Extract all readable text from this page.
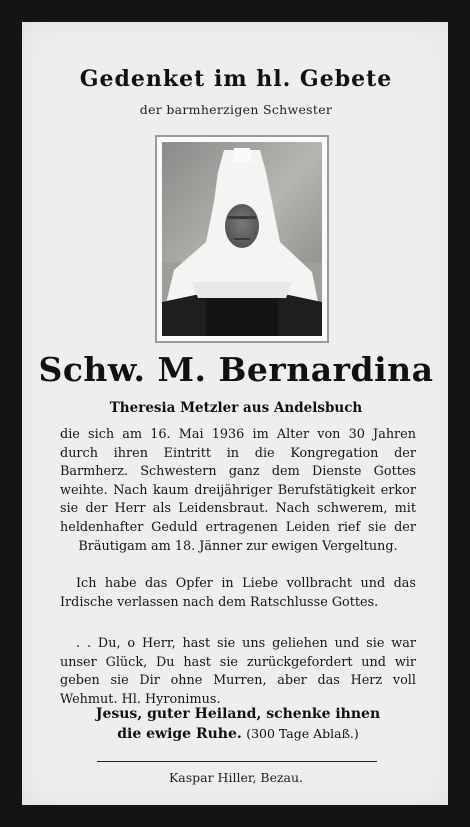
Gedenket im hl. Gebete
der barmherzigen Schwester
Schw. M. Bernardina
Theresia Metzler aus Andelsbuch

die sich am 16. Mai 1936 im Alter von 30 Jahren durch ihren Eintritt in die Kongregation der Barmherz. Schwestern ganz dem Dienste Gottes weihte. Nach kaum dreijähriger Berufstätigkeit erkor sie der Herr als Leidensbraut. Nach schwerem, mit heldenhafter Geduld ertragenen Leiden rief sie der Bräutigam am 18. Jänner zur ewigen Vergeltung.

Ich habe das Opfer in Liebe vollbracht und das Irdische verlassen nach dem Ratschlusse Gottes.

. . Du, o Herr, hast sie uns geliehen und sie war unser Glück, Du hast sie zurückgefordert und wir geben sie Dir ohne Murren, aber das Herz voll Wehmut. Hl. Hyronimus.

Jesus, guter Heiland, schenke ihnen
die ewige Ruhe. (300 Tage Ablaß.)
Kaspar Hiller, Bezau.
